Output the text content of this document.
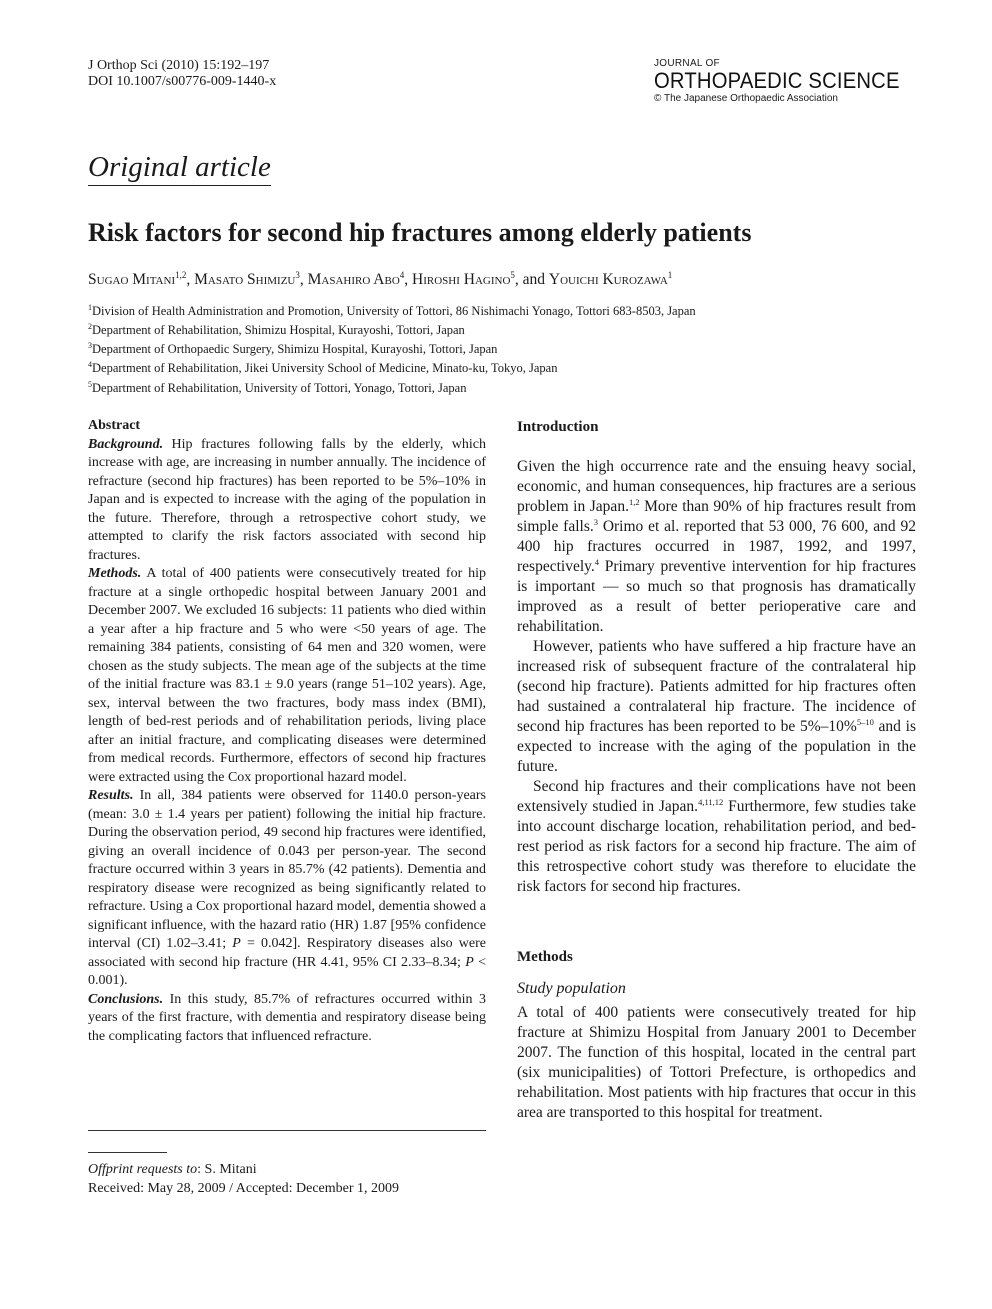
J Orthop Sci (2010) 15:192–197
DOI 10.1007/s00776-009-1440-x
JOURNAL OF
ORTHOPAEDIC SCIENCE
© The Japanese Orthopaedic Association
Original article
Risk factors for second hip fractures among elderly patients
Sugao Mitani$^{1,2}$, Masato Shimizu$^3$, Masahiro Abo$^4$, Hiroshi Hagino$^5$, and Youichi Kurozawa$^1$
$^1$Division of Health Administration and Promotion, University of Tottori, 86 Nishimachi Yonago, Tottori 683-8503, Japan
$^2$Department of Rehabilitation, Shimizu Hospital, Kurayoshi, Tottori, Japan
$^3$Department of Orthopaedic Surgery, Shimizu Hospital, Kurayoshi, Tottori, Japan
$^4$Department of Rehabilitation, Jikei University School of Medicine, Minato-ku, Tokyo, Japan
$^5$Department of Rehabilitation, University of Tottori, Yonago, Tottori, Japan

Abstract

Background. Hip fractures following falls by the elderly, which increase with age, are increasing in number annually. The incidence of refracture (second hip fractures) has been reported to be 5%–10% in Japan and is expected to increase with the aging of the population in the future. Therefore, through a retrospective cohort study, we attempted to clarify the risk factors associated with second hip fractures.

Methods. A total of 400 patients were consecutively treated for hip fracture at a single orthopedic hospital between January 2001 and December 2007. We excluded 16 subjects: 11 patients who died within a year after a hip fracture and 5 who were <50 years of age. The remaining 384 patients, consisting of 64 men and 320 women, were chosen as the study subjects. The mean age of the subjects at the time of the initial fracture was 83.1 ± 9.0 years (range 51–102 years). Age, sex, interval between the two fractures, body mass index (BMI), length of bed-rest periods and of rehabilitation periods, living place after an initial fracture, and complicating diseases were determined from medical records. Furthermore, effectors of second hip fractures were extracted using the Cox proportional hazard model.

Results. In all, 384 patients were observed for 1140.0 person-years (mean: 3.0 ± 1.4 years per patient) following the initial hip fracture. During the observation period, 49 second hip fractures were identified, giving an overall incidence of 0.043 per person-year. The second fracture occurred within 3 years in 85.7% (42 patients). Dementia and respiratory disease were recognized as being significantly related to refracture. Using a Cox proportional hazard model, dementia showed a significant influence, with the hazard ratio (HR) 1.87 [95% confidence interval (CI) 1.02–3.41; P = 0.042]. Respiratory diseases also were associated with second hip fracture (HR 4.41, 95% CI 2.33–8.34; P < 0.001).

Conclusions. In this study, 85.7% of refractures occurred within 3 years of the first fracture, with dementia and respiratory disease being the complicating factors that influenced refracture.

Offprint requests to: S. Mitani
Received: May 28, 2009 / Accepted: December 1, 2009

Introduction

Given the high occurrence rate and the ensuing heavy social, economic, and human consequences, hip fractures are a serious problem in Japan.$^{1,2}$ More than 90% of hip fractures result from simple falls.$^3$ Orimo et al. reported that 53 000, 76 600, and 92 400 hip fractures occurred in 1987, 1992, and 1997, respectively.$^4$ Primary preventive intervention for hip fractures is important — so much so that prognosis has dramatically improved as a result of better perioperative care and rehabilitation.

However, patients who have suffered a hip fracture have an increased risk of subsequent fracture of the contralateral hip (second hip fracture). Patients admitted for hip fractures often had sustained a contralateral hip fracture. The incidence of second hip fractures has been reported to be 5%–10%$^{5-10}$ and is expected to increase with the aging of the population in the future.

Second hip fractures and their complications have not been extensively studied in Japan.$^{4,11,12}$ Furthermore, few studies take into account discharge location, rehabilitation period, and bed-rest period as risk factors for a second hip fracture. The aim of this retrospective cohort study was therefore to elucidate the risk factors for second hip fractures.

Methods

Study population

A total of 400 patients were consecutively treated for hip fracture at Shimizu Hospital from January 2001 to December 2007. The function of this hospital, located in the central part (six municipalities) of Tottori Prefecture, is orthopedics and rehabilitation. Most patients with hip fractures that occur in this area are transported to this hospital for treatment.
